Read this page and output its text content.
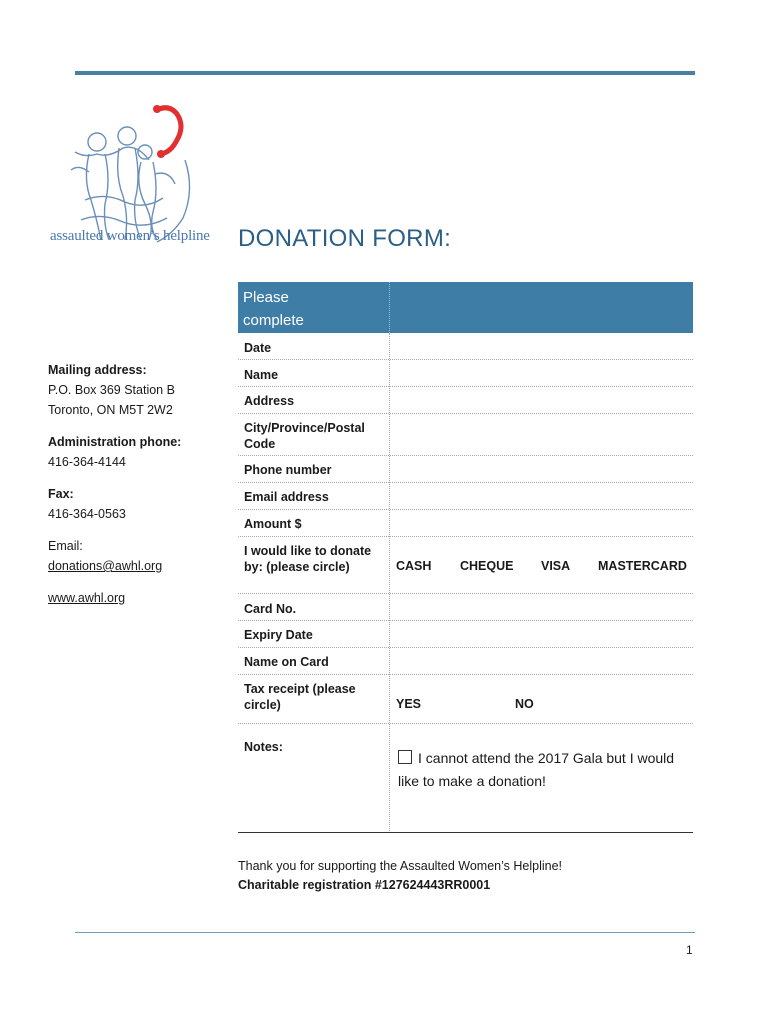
assaulted women’s helpline DONATION FORM:
Mailing address:
P.O. Box 369 Station B
Toronto, ON M5T 2W2
Administration phone:
416-364-4144
Fax:
416-364-0563
Email:
donations@awhl.org
www.awhl.org
Please
complete
Date
Name
Address
City/Province/Postal
Code
Phone number
Email address
Amount $
I would like to donate
by: (please circle)	CASH CHEQUE VISA MASTERCARD
Card No.
Expiry Date
Name on Card
Tax receipt (please
circle)	YES	NO
Notes:
I cannot attend the 2017 Gala but I would like to make a donation!
Thank you for supporting the Assaulted Women’s Helpline!
Charitable registration #127624443RR0001
1
